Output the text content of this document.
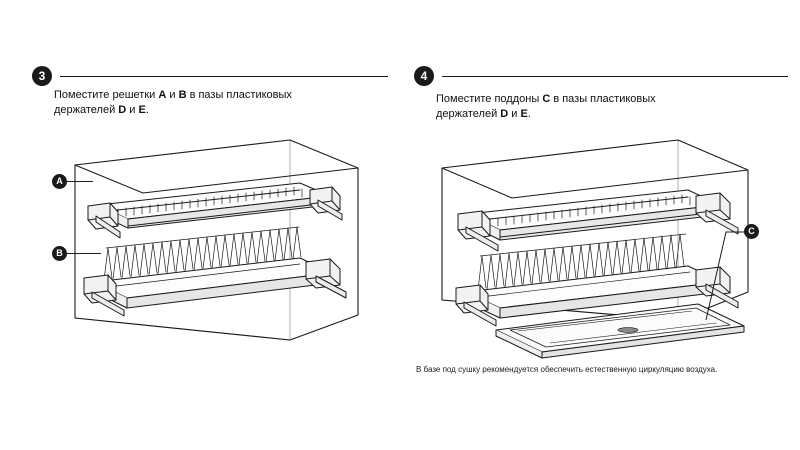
3
Поместите решетки A и B в пазы пластиковых
держателей D и E.
A
B
4
Поместите поддоны C в пазы пластиковых
держателей D и E.
C
В базе под сушку рекомендуется обеспечить естественную циркуляцию воздуха.
